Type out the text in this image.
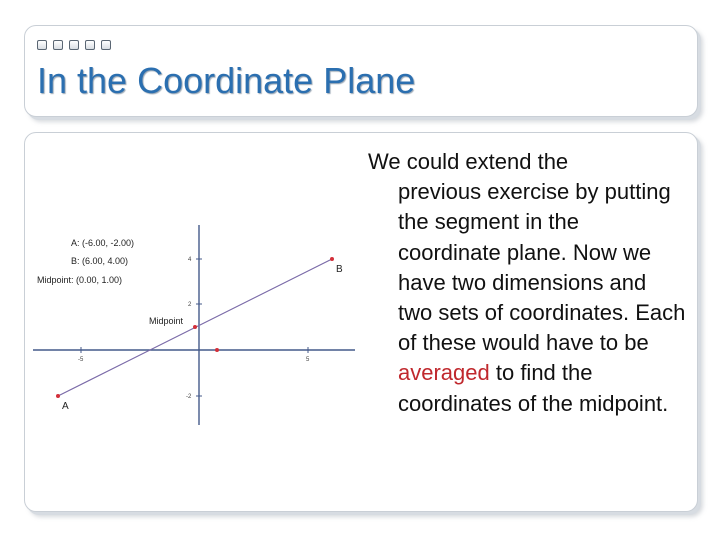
In the Coordinate Plane
-5	5
4
2
-2
A
B
Midpoint
A: (-6.00, -2.00)
B: (6.00, 4.00)
Midpoint: (0.00, 1.00)

We could extend the
previous exercise by putting the segment in the coordinate plane. Now we have two dimensions and two sets of coordinates. Each of these would have to be averaged to find the coordinates of the midpoint.
